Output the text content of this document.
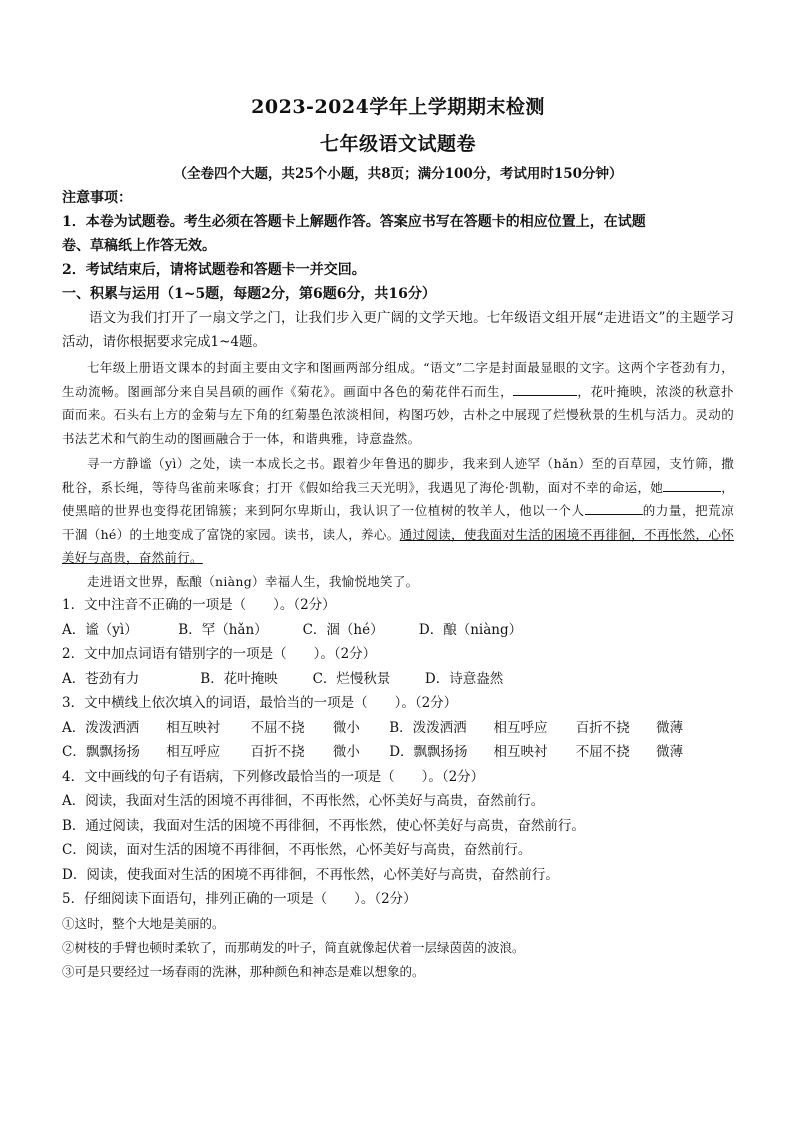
2023-2024学年上学期期末检测
七年级语文试题卷
（全卷四个大题，共25个小题，共8页；满分100分，考试用时150分钟）
注意事项：
1．本卷为试题卷。考生必须在答题卡上解题作答。答案应书写在答题卡的相应位置上，在试题
卷、草稿纸上作答无效。
2．考试结束后，请将试题卷和答题卡一并交回。
一、积累与运用（1~5题，每题2分，第6题6分，共16分）
语文为我们打开了一扇文学之门，让我们步入更广阔的文学天地。七年级语文组开展“走进语文”的主题学习活动，请你根据要求完成1~4题。
七年级上册语文课本的封面主要由文字和图画两部分组成。“语文”二字是封面最显眼的文字。这两个字苍劲有力，生动流畅。图画部分来自吴昌硕的画作《菊花》。画面中各色的菊花伴石而生，	，花叶掩映，浓淡的秋意扑面而来。石头右上方的金菊与左下角的红菊墨色浓淡相间，构图巧妙，古朴之中展现了烂慢秋景的生机与活力。灵动的书法艺术和气韵生动的图画融合于一体，和谐典雅，诗意盎然。
寻一方静谧（yì）之处，读一本成长之书。跟着少年鲁迅的脚步，我来到人迹罕（hǎn）至的百草园，支竹筛，撒秕谷，系长绳，等待鸟雀前来啄食；打开《假如给我三天光明》，我遇见了海伦·凯勒，面对不幸的命运，她	，使黑暗的世界也变得花团锦簇；来到阿尔卑斯山，我认识了一位植树的牧羊人，他以一个人	的力量，把荒凉干涸（hé）的土地变成了富饶的家园。读书，读人，养心。通过阅读，使我面对生活的困境不再徘徊，不再怅然，心怀美好与高贵，奋然前行。
走进语文世界，酝酿（niàng）幸福人生，我愉悦地笑了。
1．文中注音不正确的一项是（　　）。（2分）
A．谧（yì）	B．罕（hǎn）	C．涸（hé）	D．酿（niàng）
2．文中加点词语有错别字的一项是（　　）。（2分）
A．苍劲有力	B．花叶掩映	C．烂慢秋景	D．诗意盎然
3．文中横线上依次填入的词语，最恰当的一项是（　　）。（2分）
A．泼泼洒洒 相互映衬 不屈不挠 微小 B．泼泼洒洒 相互呼应 百折不挠 微薄
C．飘飘扬扬 相互呼应 百折不挠 微小 D．飘飘扬扬 相互映衬 不屈不挠 微薄
4．文中画线的句子有语病，下列修改最恰当的一项是（　　）。（2分）
A．阅读，我面对生活的困境不再徘徊，不再怅然，心怀美好与高贵，奋然前行。
B．通过阅读，我面对生活的困境不再徘徊，不再怅然，使心怀美好与高贵，奋然前行。
C．阅读，面对生活的困境不再徘徊，不再怅然，心怀美好与高贵，奋然前行。
D．阅读，使我面对生活的困境不再徘徊，不再怅然，心怀美好与高贵，奋然前行。
5．仔细阅读下面语句，排列正确的一项是（　　）。（2分）
①这时，整个大地是美丽的。
②树枝的手臂也顿时柔软了，而那萌发的叶子，简直就像起伏着一层绿茵茵的波浪。
③可是只要经过一场春雨的洗淋，那种颜色和神态是难以想象的。
